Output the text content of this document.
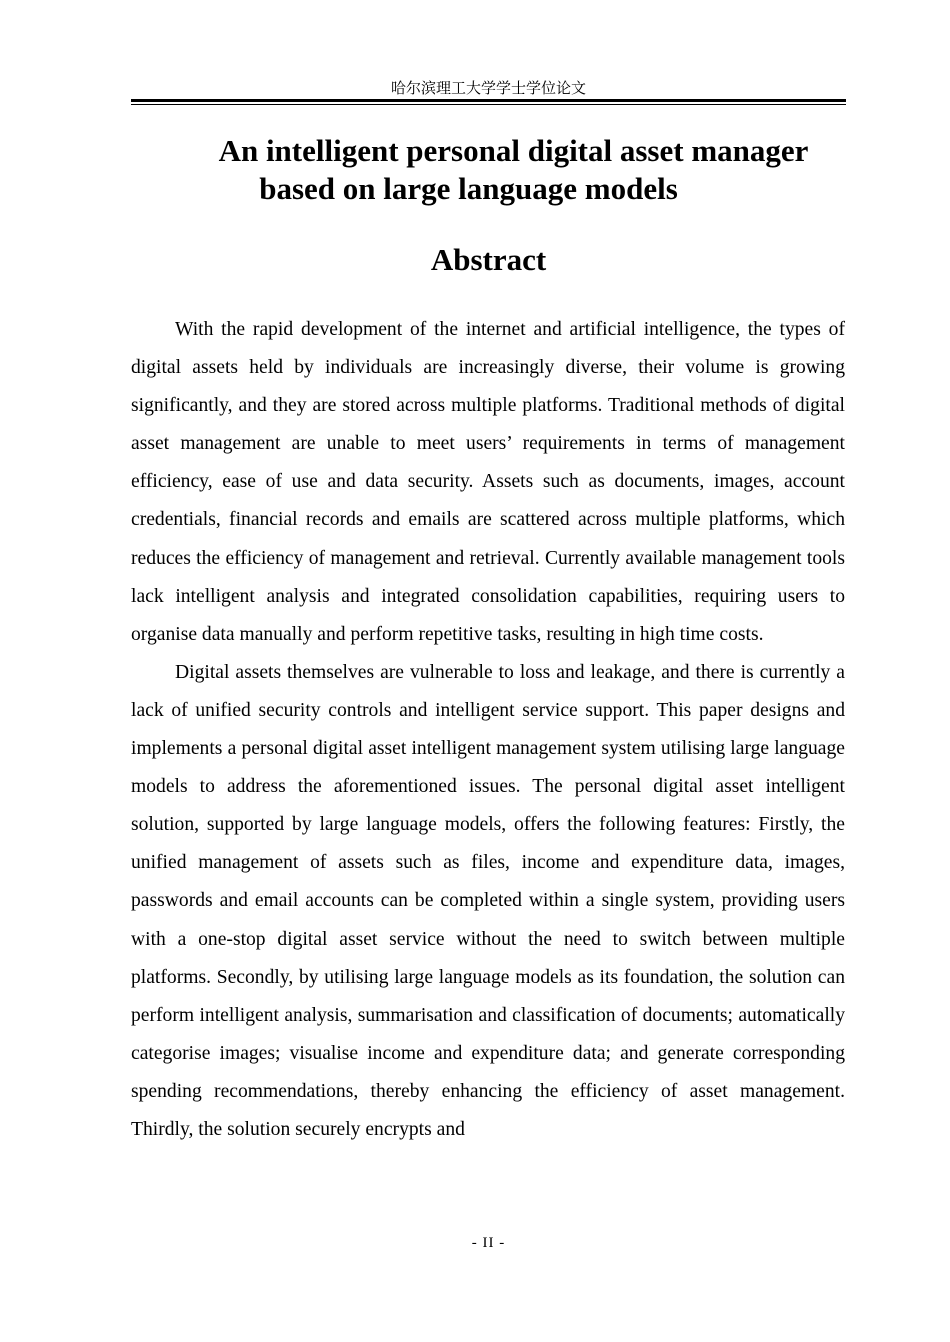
哈尔滨理工大学学士学位论文
An intelligent personal digital asset manager
based on large language models
Abstract

With the rapid development of the internet and artificial intelligence, the types of digital assets held by individuals are increasingly diverse, their volume is growing significantly, and they are stored across multiple platforms. Traditional methods of digital asset management are unable to meet users’ requirements in terms of management efficiency, ease of use and data security. Assets such as documents, images, account credentials, financial records and emails are scattered across multiple platforms, which reduces the efficiency of management and retrieval. Currently available management tools lack intelligent analysis and integrated consolidation capabilities, requiring users to organise data manually and perform repetitive tasks, resulting in high time costs.

Digital assets themselves are vulnerable to loss and leakage, and there is currently a lack of unified security controls and intelligent service support. This paper designs and implements a personal digital asset intelligent management system utilising large language models to address the aforementioned issues. The personal digital asset intelligent solution, supported by large language models, offers the following features: Firstly, the unified management of assets such as files, income and expenditure data, images, passwords and email accounts can be completed within a single system, providing users with a one-stop digital asset service without the need to switch between multiple platforms. Secondly, by utilising large language models as its foundation, the solution can perform intelligent analysis, summarisation and classification of documents; automatically categorise images; visualise income and expenditure data; and generate corresponding spending recommendations, thereby enhancing the efficiency of asset management. Thirdly, the solution securely encrypts and

- II -
